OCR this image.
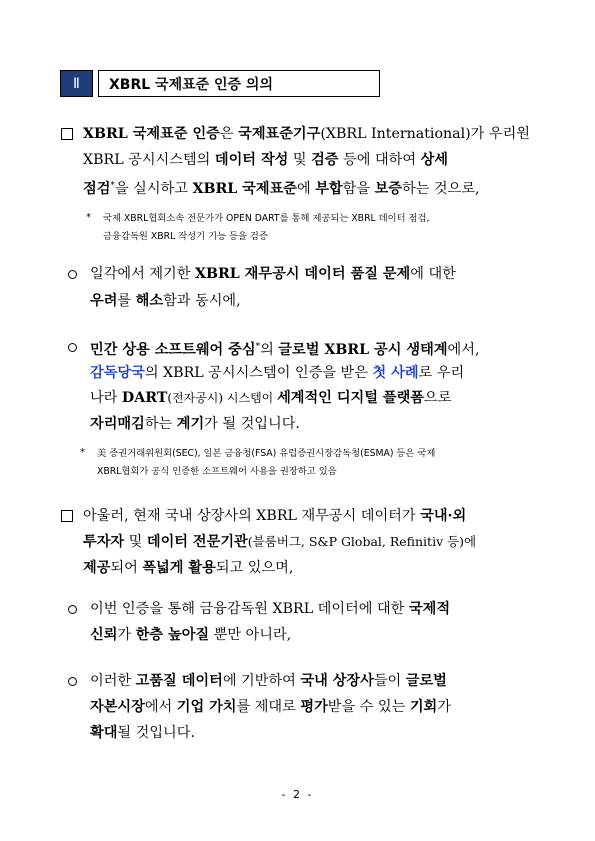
Ⅱ	XBRL 국제표준 인증 의의
XBRL 국제표준 인증은 국제표준기구(XBRL International)가 우리원
XBRL 공시시스템의 데이터 작성 및 검증 등에 대하여 상세
점검*을 실시하고 XBRL 국제표준에 부합함을 보증하는 것으로,
* 국제 XBRL협회소속 전문가가 OPEN DART를 통해 제공되는 XBRL 데이터 점검,
금융감독원 XBRL 작성기 기능 등을 검증
일각에서 제기한 XBRL 재무공시 데이터 품질 문제에 대한
우려를 해소함과 동시에,
민간 상용 소프트웨어 중심*의 글로벌 XBRL 공시 생태계에서,
감독당국의 XBRL 공시시스템이 인증을 받은 첫 사례로 우리
나라 DART(전자공시) 시스템이 세계적인 디지털 플랫폼으로
자리매김하는 계기가 될 것입니다.
* 美 증권거래위원회(SEC), 일본 금융청(FSA) 유럽증권시장감독청(ESMA) 등은 국제
XBRL협회가 공식 인증한 소프트웨어 사용을 권장하고 있음
아울러, 현재 국내 상장사의 XBRL 재무공시 데이터가 국내·외
투자자 및 데이터 전문기관(블룸버그, S&P Global, Refinitiv 등)에
제공되어 폭넓게 활용되고 있으며,
이번 인증을 통해 금융감독원 XBRL 데이터에 대한 국제적
신뢰가 한층 높아질 뿐만 아니라,
이러한 고품질 데이터에 기반하여 국내 상장사들이 글로벌
자본시장에서 기업 가치를 제대로 평가받을 수 있는 기회가
확대될 것입니다.
- 2 -
